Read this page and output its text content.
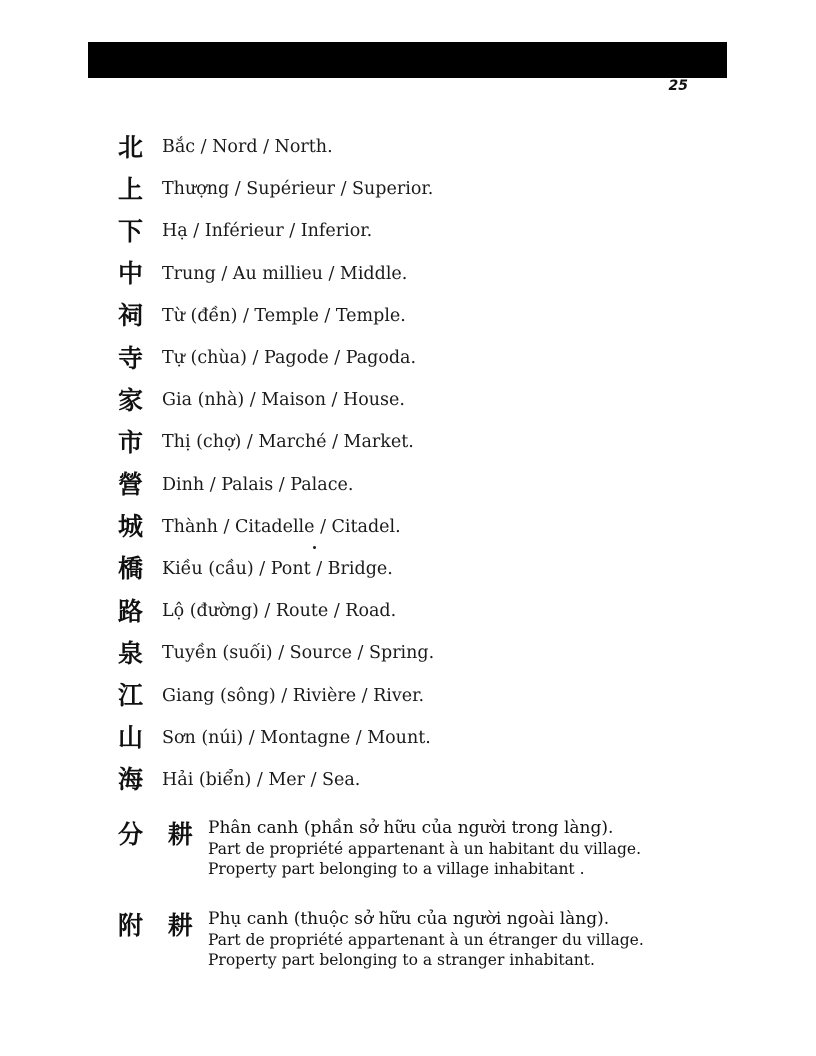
25
北	Bắc / Nord / North.
上	Thượng / Supérieur / Superior.
下	Hạ / Inférieur / Inferior.
中	Trung / Au millieu / Middle.
祠	Từ (đền) / Temple / Temple.
寺	Tự (chùa) / Pagode / Pagoda.
家	Gia (nhà) / Maison / House.
市	Thị (chợ) / Marché / Market.
營	Dinh / Palais / Palace.
城	Thành / Citadelle / Citadel.
橋	Kiều (cầu) / Pont / Bridge.
路	Lộ (đường) / Route / Road.
泉	Tuyền (suối) / Source / Spring.
江	Giang (sông) / Rivière / River.
山	Sơn (núi) / Montagne / Mount.
海	Hải (biển) / Mer / Sea.
分 耕 Phân canh (phần sở hữu của người trong làng).
Part de propriété appartenant à un habitant du village.
Property part belonging to a village inhabitant .
附 耕 Phụ canh (thuộc sở hữu của người ngoài làng).
Part de propriété appartenant à un étranger du village.
Property part belonging to a stranger inhabitant.
